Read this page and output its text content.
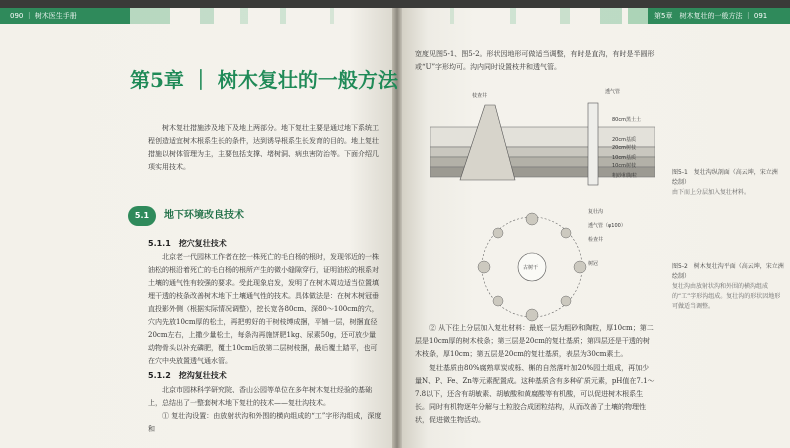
090 ｜ 树木医生手册	第5章　树木复壮的一般方法 ｜ 091
第5章 ｜ 树木复壮的一般方法

树木复壮措施涉及地下及地上两部分。地下复壮主要是通过地下系统工程创造适宜树木根系生长的条件，达到诱导根系生长发育的目的。地上复壮措施以树体管理为主，主要包括支撑、堵树洞、病虫害防治等。下面介绍几项实用技术。

5.1	地下环境改良技术
5.1.1　挖穴复壮技术
北京老一代园林工作者在挖一株死亡的毛白杨的根时，发现邻近的一株油松的根沿着死亡的毛白杨的根所产生的微小缝隙穿行，证明油松的根系对土壤的通气性有较强的要求。受此现象启发，发明了在树木周边适当位置填埋干透的枝条改善树木地下土壤通气性的技术。具体做法是：在树木树冠垂直投影外侧（根据实际情况调整），挖长宽各80cm、深80～100cm的穴，穴内先放10cm厚的松土，再把剪好的干树枝缚成捆，平铺一层，树捆直径20cm左右，上撒少量松土，每条沟再施饼肥1kg、尿素50g，还可放少量动物骨头以补充磷肥，覆土10cm后放第二层树枝捆，最后覆土踏平，也可在穴中央放置透气通水管。
5.1.2　挖沟复壮技术
北京市园林科学研究院、香山公园等单位在多年树木复壮经验的基础上，总结出了一整套树木地下复壮的技术——复壮沟技术。
① 复壮沟设置：由放射状沟和外围的横向组成的“工”字形沟组成，深度和
宽度见图5-1、图5-2。形状因地形可做适当调整，有时是直沟，有时是半圆形或“U”字形均可。沟内同时设置枝井和透气管。
枝查井
透气管
80cm黑土土
20cm基质
20cm树枝
10cm基质
10cm树枝
粗砂和陶粒	图5-1　复壮沟纵剖面（高云坤，宋立洲 绘制）
由下而上分层加入复壮材料。
古树干
复壮沟
透气管（φ100）
检查井
树冠	图5-2　树木复壮沟平面（高云坤，宋立洲 绘制）
复壮沟由放射状沟和外围的横沟组成的“工”字形沟组成。复壮沟的形状因地形可做适当调整。
② 从下往上分层加入复壮材料：最底一层为粗砂和陶粒，厚10cm；第二层是10cm厚的树木枝条；第三层是20cm的复壮基质；第四层还是干透的树木枝条，厚10cm；第五层是20cm的复壮基质，表层为30cm素土。
复壮基质由80%腐熟草炭或栎、槲的自然落叶加20%园土组成，再加少量N、P、Fe、Zn等元素配置成。这种基质含有多种矿质元素，pH值在7.1～7.8以下，还含有胡敏素、胡敏酸和黄腐酸等有机酸，可以促进树木根系生长。同时有机物逐年分解与土粒胶合成团粒结构，从而改善了土壤的物理性状，促进微生物活动。
